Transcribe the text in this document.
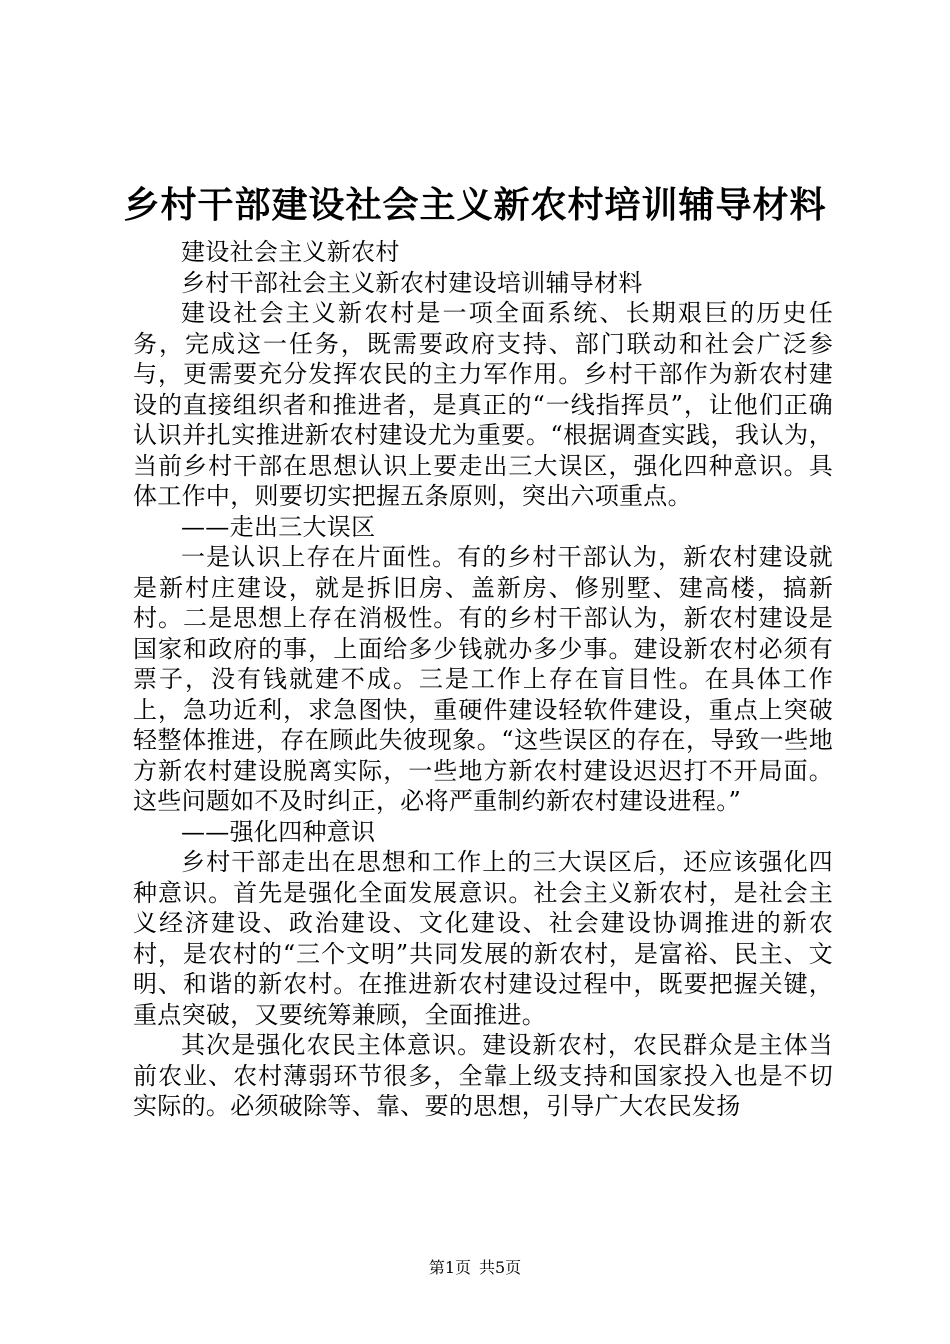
乡村干部建设社会主义新农村培训辅导材料

建设社会主义新农村

乡村干部社会主义新农村建设培训辅导材料

建设社会主义新农村是一项全面系统、长期艰巨的历史任务，完成这一任务，既需要政府支持、部门联动和社会广泛参与，更需要充分发挥农民的主力军作用。乡村干部作为新农村建设的直接组织者和推进者，是真正的“一线指挥员”，让他们正确认识并扎实推进新农村建设尤为重要。“根据调查实践，我认为，当前乡村干部在思想认识上要走出三大误区，强化四种意识。具体工作中，则要切实把握五条原则，突出六项重点。

——走出三大误区

一是认识上存在片面性。有的乡村干部认为，新农村建设就是新村庄建设，就是拆旧房、盖新房、修别墅、建高楼，搞新村。二是思想上存在消极性。有的乡村干部认为，新农村建设是国家和政府的事，上面给多少钱就办多少事。建设新农村必须有票子，没有钱就建不成。三是工作上存在盲目性。在具体工作上，急功近利，求急图快，重硬件建设轻软件建设，重点上突破轻整体推进，存在顾此失彼现象。“这些误区的存在，导致一些地方新农村建设脱离实际，一些地方新农村建设迟迟打不开局面。这些问题如不及时纠正，必将严重制约新农村建设进程。”

——强化四种意识

乡村干部走出在思想和工作上的三大误区后，还应该强化四种意识。首先是强化全面发展意识。社会主义新农村，是社会主义经济建设、政治建设、文化建设、社会建设协调推进的新农村，是农村的“三个文明”共同发展的新农村，是富裕、民主、文明、和谐的新农村。在推进新农村建设过程中，既要把握关键，重点突破，又要统筹兼顾，全面推进。

其次是强化农民主体意识。建设新农村，农民群众是主体当前农业、农村薄弱环节很多，全靠上级支持和国家投入也是不切实际的。必须破除等、靠、要的思想，引导广大农民发扬

第1页 共5页
